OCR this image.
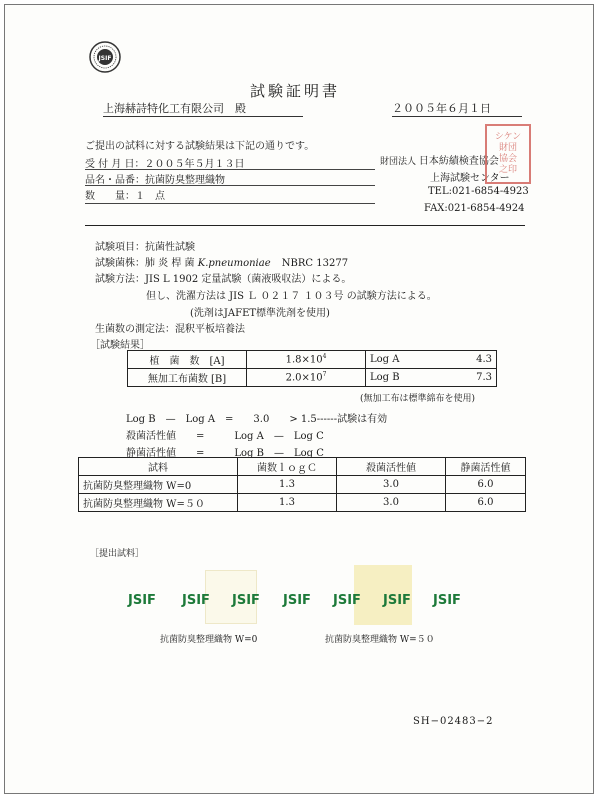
JSIF
試験証明書
上海赫詩特化工有限公司　殿	２００５年６月１日
ご提出の試料に対する試験結果は下記の通りです。
受 付 月 日：２００５年５月１３日
品名・品番：抗菌防臭整理織物
数　　量：１　点
財団法人 日本紡績検査協会
上海試験センター
TEL:021-6854-4923
FAX:021-6854-4924
シケン
財団
協会
之印
試験項目：抗菌性試験
試験菌株：肺 炎 桿 菌 K.pneumoniae NBRC 13277
試験方法：JIS L 1902 定量試験（菌液吸収法）による。
但し、洗濯方法は JIS Ｌ ０２１７ １０３号 の試験方法による。
(洗剤はJAFET標準洗剤を使用)
生菌数の測定法：混釈平板培養法
［試験結果］
植　菌　数　[A]	$1.8\times 10^4$	Log A	4.3
無加工布菌数 [B]	$2.0\times 10^7$	Log B	7.3
(無加工布は標準綿布を使用)
Log B　—　Log A　=　　3.0　　> 1.5------試験は有効
殺菌活性値　　=　　　Log A　—　Log C
静菌活性値　　=　　　Log B　—　Log C
試料	菌数ｌｏｇＣ	殺菌活性値	静菌活性値
抗菌防臭整理織物 W=0	1.3	3.0	6.0
抗菌防臭整理織物 W=５０	1.3	3.0	6.0
［提出試料］
JSIF JSIF JSIF JSIF JSIF JSIF JSIF
抗菌防臭整理織物 W=0	抗菌防臭整理織物 W=５０
SH−02483−2
